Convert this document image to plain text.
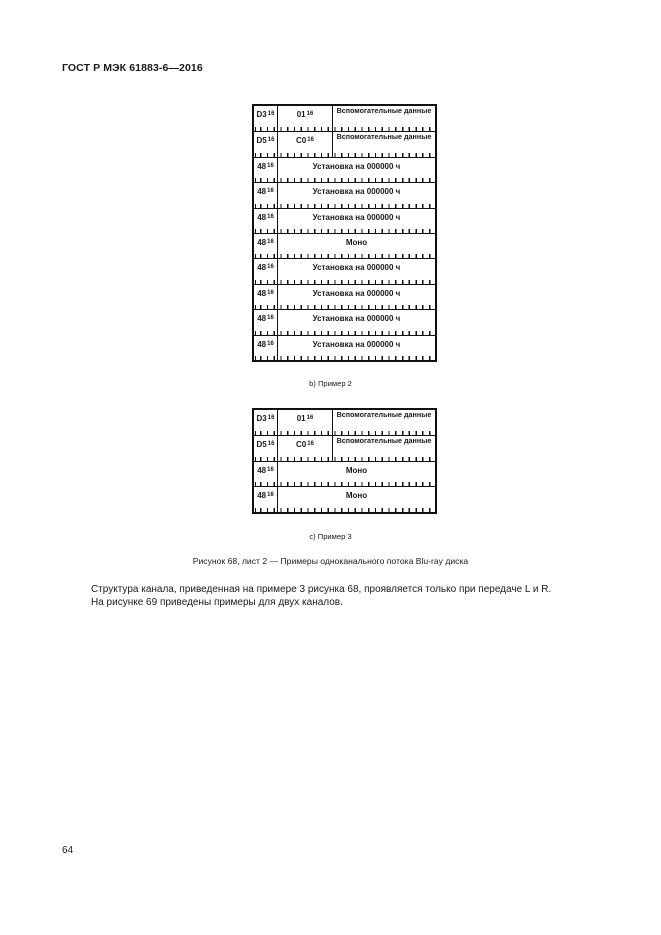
ГОСТ Р МЭК 61883-6—2016
D3 16	01 16	Вспомогательные данные
D5 16	C0 16	Вспомогательные данные
48 16	Установка на 000000 ч
48 16	Установка на 000000 ч
48 16	Установка на 000000 ч
48 16	Моно
48 16	Установка на 000000 ч
48 16	Установка на 000000 ч
48 16	Установка на 000000 ч
48 16	Установка на 000000 ч
b) Пример 2
D3 16	01 16	Вспомогательные данные
D5 16	C0 16	Вспомогательные данные
48 16	Моно
48 16	Моно
c) Пример 3
Рисунок 68, лист 2 — Примеры одноканального потока Blu-ray диска

Структура канала, приведенная на примере 3 рисунка 68, проявляется только при передаче L и R.

На рисунке 69 приведены примеры для двух каналов.

64
